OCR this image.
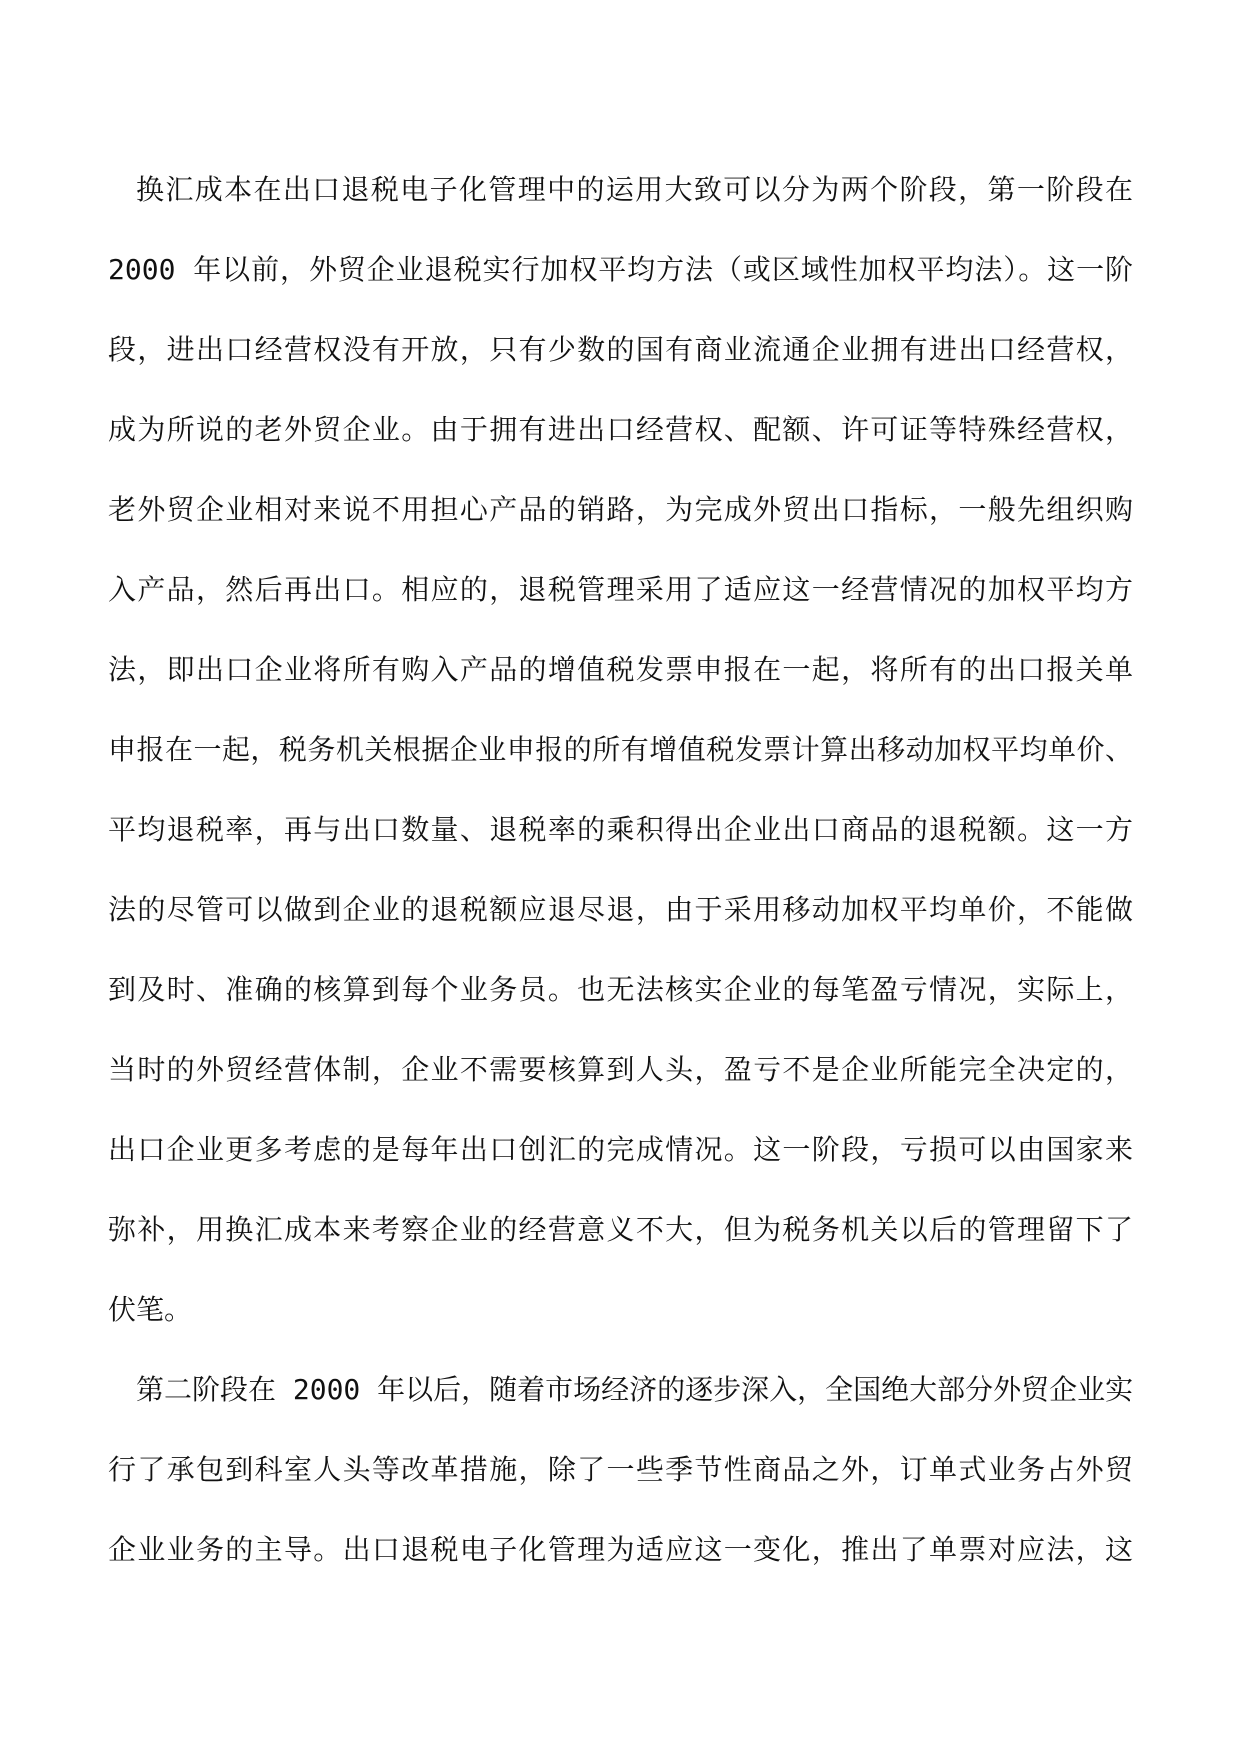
换汇成本在出口退税电子化管理中的运用大致可以分为两个阶段，第一阶段在
2000 年以前，外贸企业退税实行加权平均方法（或区域性加权平均法）。这一阶
段，进出口经营权没有开放，只有少数的国有商业流通企业拥有进出口经营权，
成为所说的老外贸企业。由于拥有进出口经营权、配额、许可证等特殊经营权，
老外贸企业相对来说不用担心产品的销路，为完成外贸出口指标，一般先组织购
入产品，然后再出口。相应的，退税管理采用了适应这一经营情况的加权平均方
法，即出口企业将所有购入产品的增值税发票申报在一起，将所有的出口报关单
申报在一起，税务机关根据企业申报的所有增值税发票计算出移动加权平均单价、
平均退税率，再与出口数量、退税率的乘积得出企业出口商品的退税额。这一方
法的尽管可以做到企业的退税额应退尽退，由于采用移动加权平均单价，不能做
到及时、准确的核算到每个业务员。也无法核实企业的每笔盈亏情况，实际上，
当时的外贸经营体制，企业不需要核算到人头，盈亏不是企业所能完全决定的，
出口企业更多考虑的是每年出口创汇的完成情况。这一阶段，亏损可以由国家来
弥补，用换汇成本来考察企业的经营意义不大，但为税务机关以后的管理留下了
伏笔。
第二阶段在 2000 年以后，随着市场经济的逐步深入，全国绝大部分外贸企业实
行了承包到科室人头等改革措施，除了一些季节性商品之外，订单式业务占外贸
企业业务的主导。出口退税电子化管理为适应这一变化，推出了单票对应法，这
